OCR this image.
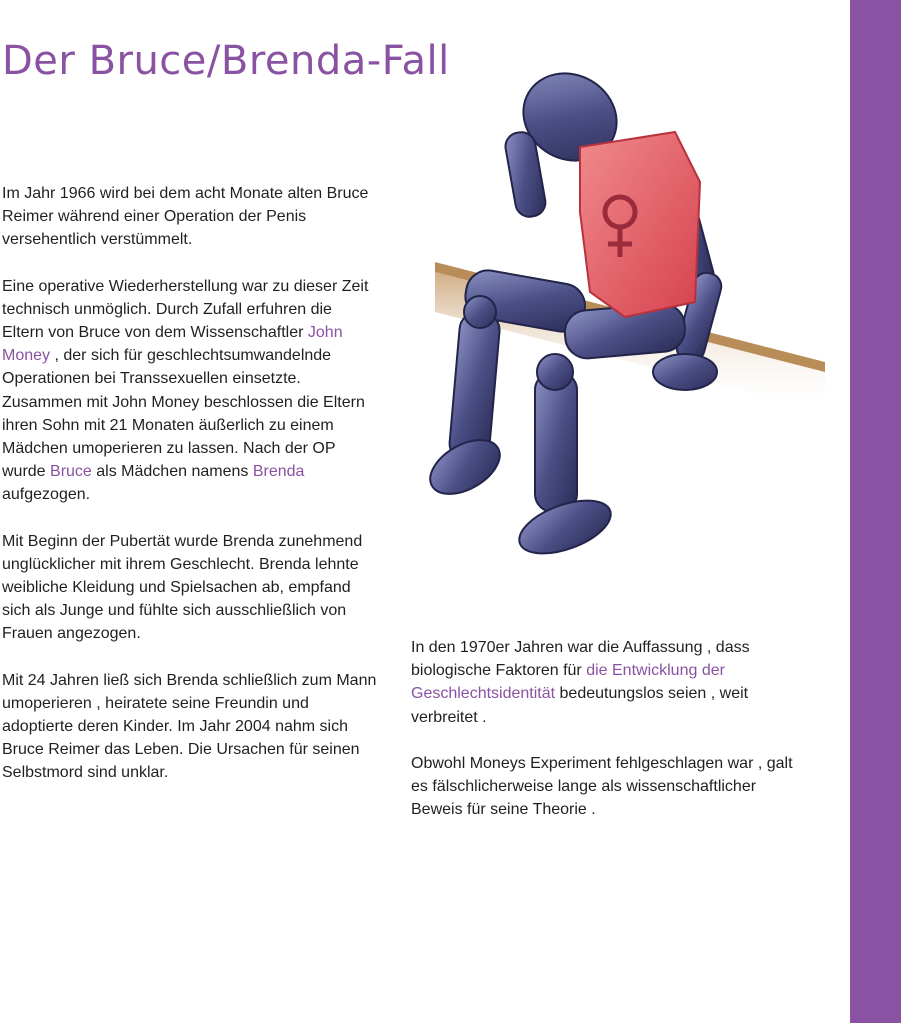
Der Bruce/Brenda-Fall

Im Jahr 1966 wird bei dem acht Monate alten Bruce Reimer während einer Operation der Penis versehentlich verstümmelt.

Eine operative Wiederherstellung war zu dieser Zeit technisch unmöglich. Durch Zufall erfuhren die Eltern von Bruce von dem Wissenschaftler John Money , der sich für geschlechtsumwandelnde Operationen bei Transsexuellen einsetzte. Zusammen mit John Money beschlossen die Eltern ihren Sohn mit 21 Monaten äußerlich zu einem Mädchen umoperieren zu lassen. Nach der OP wurde Bruce als Mädchen namens Brenda aufgezogen.

Mit Beginn der Pubertät wurde Brenda zunehmend unglücklicher mit ihrem Geschlecht. Brenda lehnte weibliche Kleidung und Spielsachen ab, empfand sich als Junge und fühlte sich ausschließlich von Frauen angezogen.

Mit 24 Jahren ließ sich Brenda schließlich zum Mann umoperieren , heiratete seine Freundin und adoptierte deren Kinder. Im Jahr 2004 nahm sich Bruce Reimer das Leben. Die Ursachen für seinen Selbstmord sind unklar.

In den 1970er Jahren war die Auffassung , dass biologische Faktoren für die Entwicklung der Geschlechtsidentität bedeutungslos seien , weit verbreitet .

Obwohl Moneys Experiment fehlgeschlagen war , galt es fälschlicherweise lange als wissenschaftlicher Beweis für seine Theorie .
